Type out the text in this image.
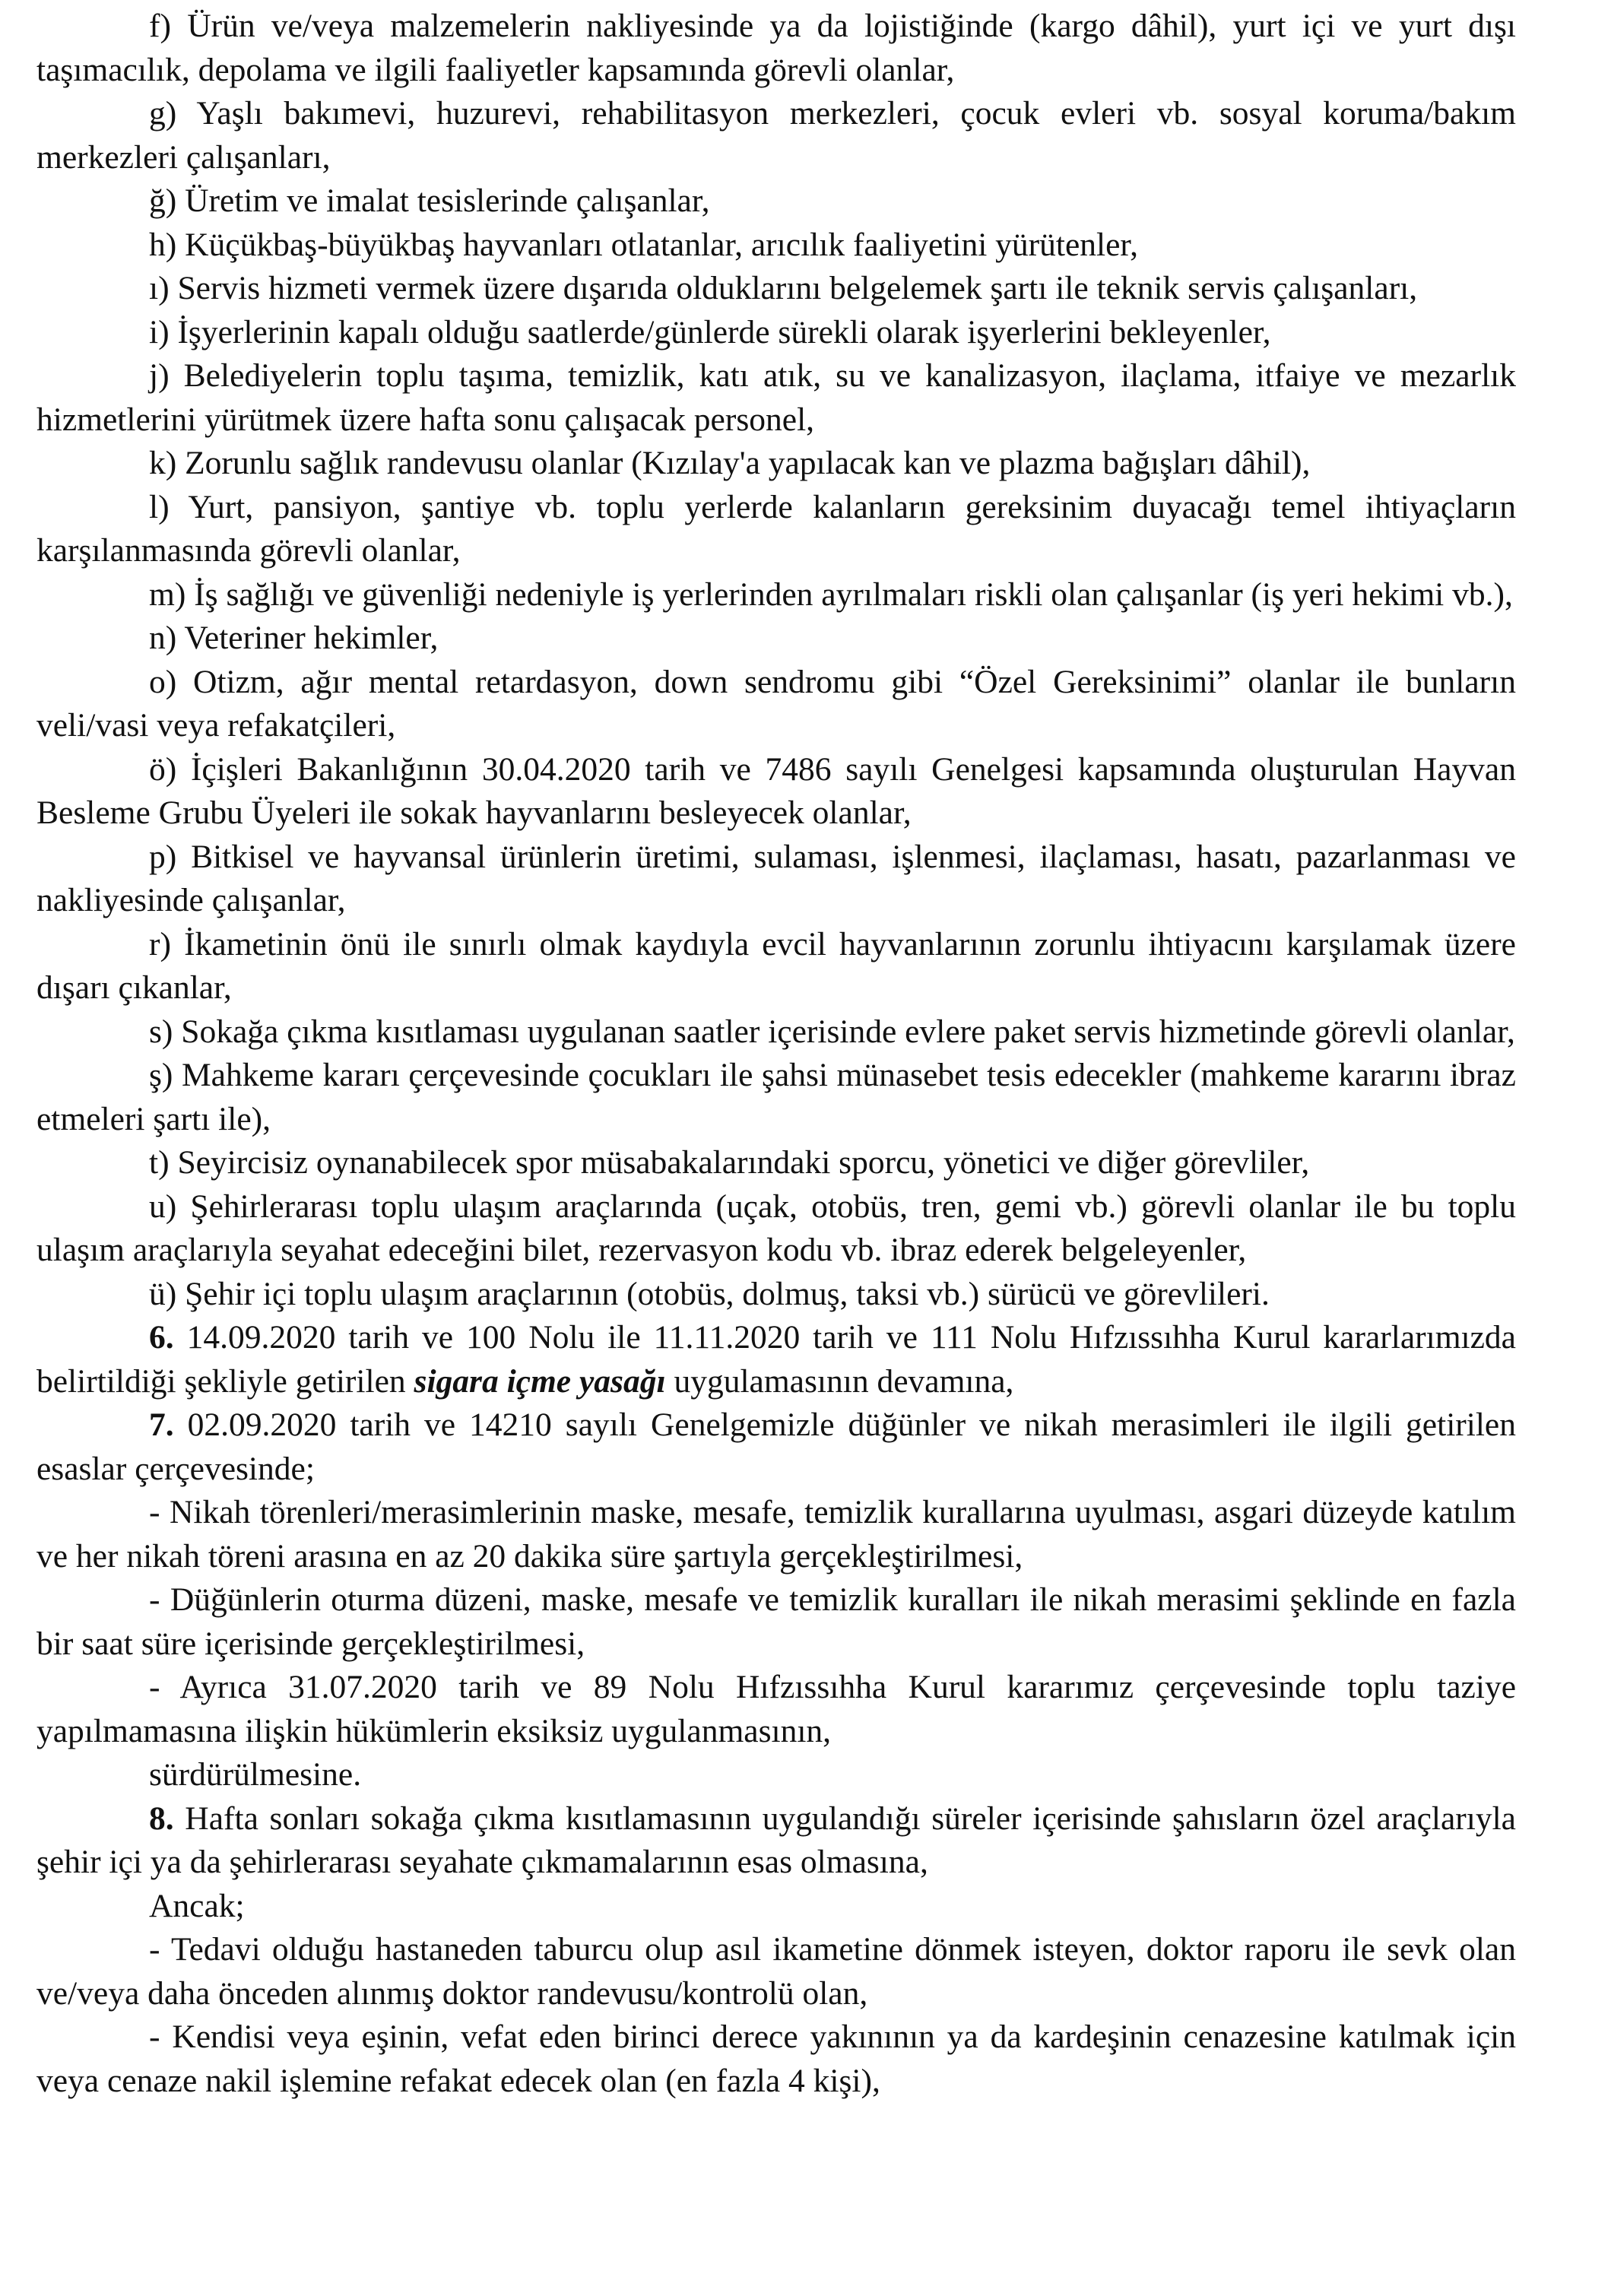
f) Ürün ve/veya malzemelerin nakliyesinde ya da lojistiğinde (kargo dâhil), yurt içi ve yurt dışı taşımacılık, depolama ve ilgili faaliyetler kapsamında görevli olanlar,

g) Yaşlı bakımevi, huzurevi, rehabilitasyon merkezleri, çocuk evleri vb. sosyal koruma/bakım merkezleri çalışanları,

ğ) Üretim ve imalat tesislerinde çalışanlar,

h) Küçükbaş-büyükbaş hayvanları otlatanlar, arıcılık faaliyetini yürütenler,

ı) Servis hizmeti vermek üzere dışarıda olduklarını belgelemek şartı ile teknik servis çalışanları,

i) İşyerlerinin kapalı olduğu saatlerde/günlerde sürekli olarak işyerlerini bekleyenler,

j) Belediyelerin toplu taşıma, temizlik, katı atık, su ve kanalizasyon, ilaçlama, itfaiye ve mezarlık hizmetlerini yürütmek üzere hafta sonu çalışacak personel,

k) Zorunlu sağlık randevusu olanlar (Kızılay'a yapılacak kan ve plazma bağışları dâhil),

l) Yurt, pansiyon, şantiye vb. toplu yerlerde kalanların gereksinim duyacağı temel ihtiyaçların karşılanmasında görevli olanlar,

m) İş sağlığı ve güvenliği nedeniyle iş yerlerinden ayrılmaları riskli olan çalışanlar (iş yeri hekimi vb.),

n) Veteriner hekimler,

o) Otizm, ağır mental retardasyon, down sendromu gibi “Özel Gereksinimi” olanlar ile bunların veli/vasi veya refakatçileri,

ö) İçişleri Bakanlığının 30.04.2020 tarih ve 7486 sayılı Genelgesi kapsamında oluşturulan Hayvan Besleme Grubu Üyeleri ile sokak hayvanlarını besleyecek olanlar,

p) Bitkisel ve hayvansal ürünlerin üretimi, sulaması, işlenmesi, ilaçlaması, hasatı, pazarlanması ve nakliyesinde çalışanlar,

r) İkametinin önü ile sınırlı olmak kaydıyla evcil hayvanlarının zorunlu ihtiyacını karşılamak üzere dışarı çıkanlar,

s) Sokağa çıkma kısıtlaması uygulanan saatler içerisinde evlere paket servis hizmetinde görevli olanlar,

ş) Mahkeme kararı çerçevesinde çocukları ile şahsi münasebet tesis edecekler (mahkeme kararını ibraz etmeleri şartı ile),

t) Seyircisiz oynanabilecek spor müsabakalarındaki sporcu, yönetici ve diğer görevliler,

u) Şehirlerarası toplu ulaşım araçlarında (uçak, otobüs, tren, gemi vb.) görevli olanlar ile bu toplu ulaşım araçlarıyla seyahat edeceğini bilet, rezervasyon kodu vb. ibraz ederek belgeleyenler,

ü) Şehir içi toplu ulaşım araçlarının (otobüs, dolmuş, taksi vb.) sürücü ve görevlileri.

6. 14.09.2020 tarih ve 100 Nolu ile 11.11.2020 tarih ve 111 Nolu Hıfzıssıhha Kurul kararlarımızda belirtildiği şekliyle getirilen sigara içme yasağı uygulamasının devamına,

7. 02.09.2020 tarih ve 14210 sayılı Genelgemizle düğünler ve nikah merasimleri ile ilgili getirilen esaslar çerçevesinde;

- Nikah törenleri/merasimlerinin maske, mesafe, temizlik kurallarına uyulması, asgari düzeyde katılım ve her nikah töreni arasına en az 20 dakika süre şartıyla gerçekleştirilmesi,

- Düğünlerin oturma düzeni, maske, mesafe ve temizlik kuralları ile nikah merasimi şeklinde en fazla bir saat süre içerisinde gerçekleştirilmesi,

- Ayrıca 31.07.2020 tarih ve 89 Nolu Hıfzıssıhha Kurul kararımız çerçevesinde toplu taziye yapılmamasına ilişkin hükümlerin eksiksiz uygulanmasının,

sürdürülmesine.

8. Hafta sonları sokağa çıkma kısıtlamasının uygulandığı süreler içerisinde şahısların özel araçlarıyla şehir içi ya da şehirlerarası seyahate çıkmamalarının esas olmasına,

Ancak;

- Tedavi olduğu hastaneden taburcu olup asıl ikametine dönmek isteyen, doktor raporu ile sevk olan ve/veya daha önceden alınmış doktor randevusu/kontrolü olan,

- Kendisi veya eşinin, vefat eden birinci derece yakınının ya da kardeşinin cenazesine katılmak için veya cenaze nakil işlemine refakat edecek olan (en fazla 4 kişi),
